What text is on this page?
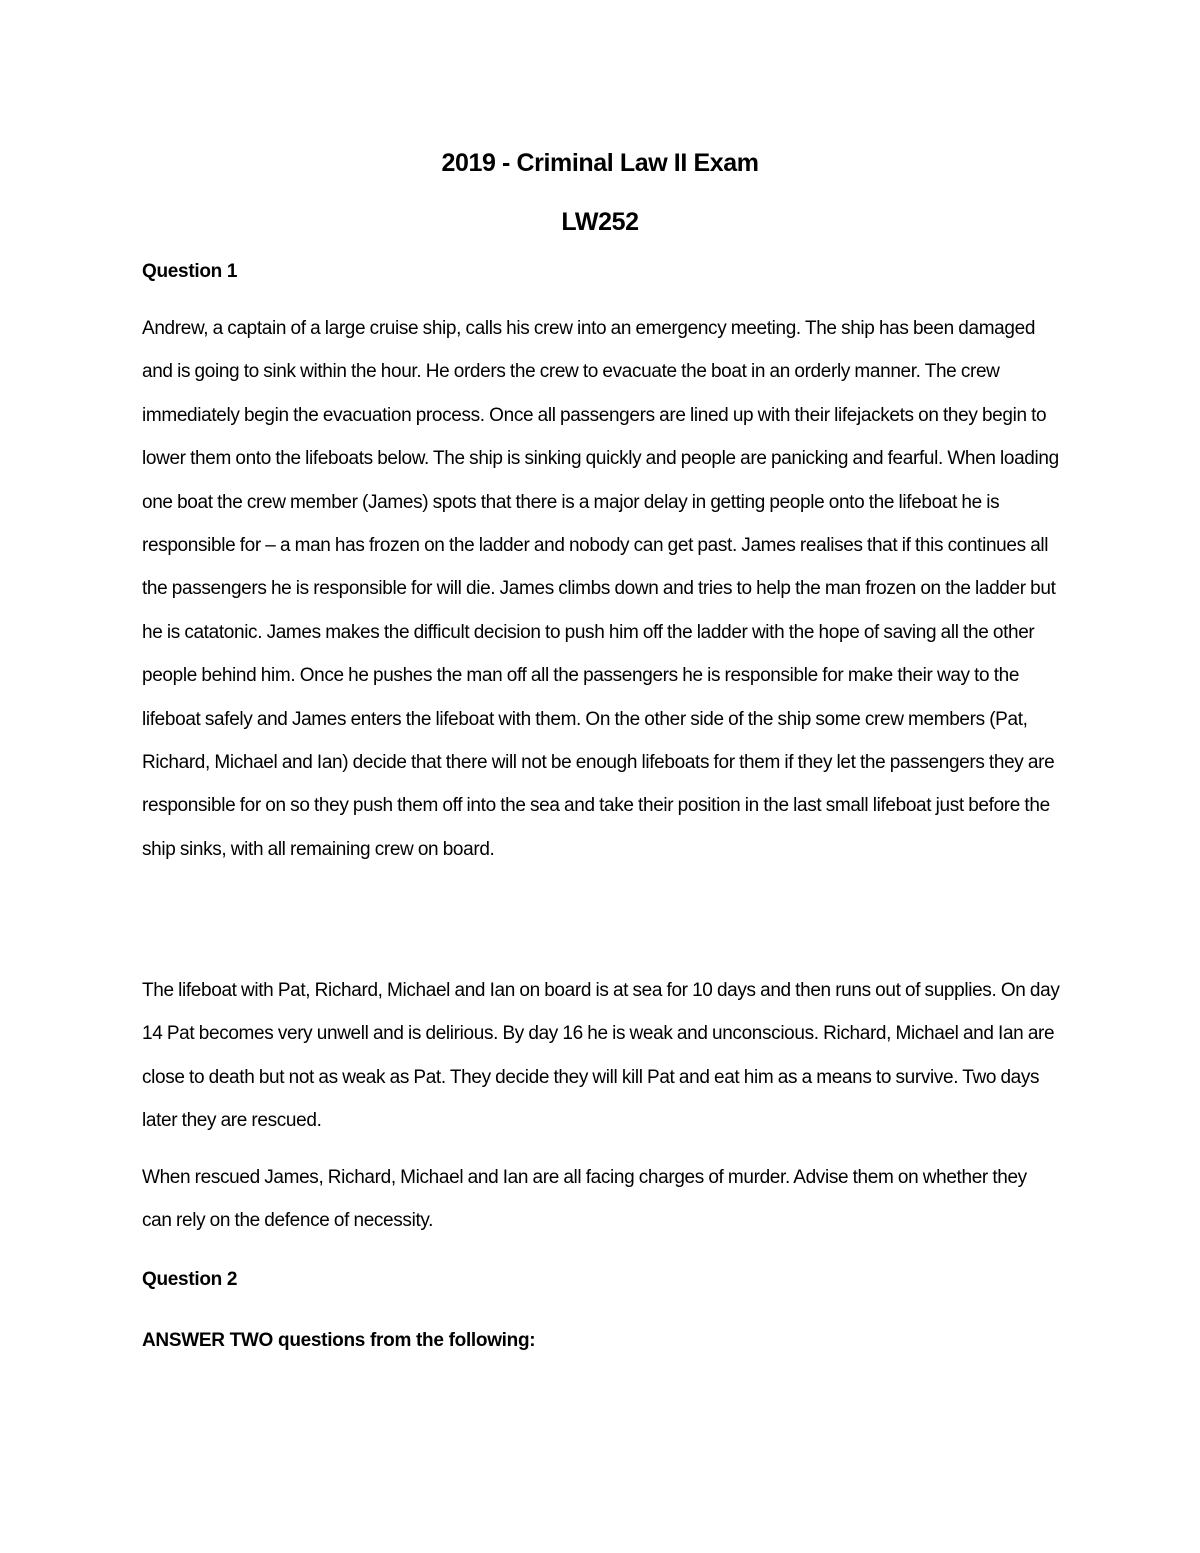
2019 - Criminal Law II Exam
LW252
Question 1

Andrew, a captain of a large cruise ship, calls his crew into an emergency meeting. The ship has been damaged and is going to sink within the hour. He orders the crew to evacuate the boat in an orderly manner. The crew immediately begin the evacuation process. Once all passengers are lined up with their lifejackets on they begin to lower them onto the lifeboats below. The ship is sinking quickly and people are panicking and fearful. When loading one boat the crew member (James) spots that there is a major delay in getting people onto the lifeboat he is responsible for – a man has frozen on the ladder and nobody can get past. James realises that if this continues all the passengers he is responsible for will die. James climbs down and tries to help the man frozen on the ladder but he is catatonic. James makes the difficult decision to push him off the ladder with the hope of saving all the other people behind him. Once he pushes the man off all the passengers he is responsible for make their way to the lifeboat safely and James enters the lifeboat with them. On the other side of the ship some crew members (Pat, Richard, Michael and Ian) decide that there will not be enough lifeboats for them if they let the passengers they are responsible for on so they push them off into the sea and take their position in the last small lifeboat just before the ship sinks, with all remaining crew on board.

The lifeboat with Pat, Richard, Michael and Ian on board is at sea for 10 days and then runs out of supplies. On day 14 Pat becomes very unwell and is delirious. By day 16 he is weak and unconscious. Richard, Michael and Ian are close to death but not as weak as Pat. They decide they will kill Pat and eat him as a means to survive. Two days later they are rescued.

When rescued James, Richard, Michael and Ian are all facing charges of murder. Advise them on whether they can rely on the defence of necessity.

Question 2

ANSWER TWO questions from the following:
